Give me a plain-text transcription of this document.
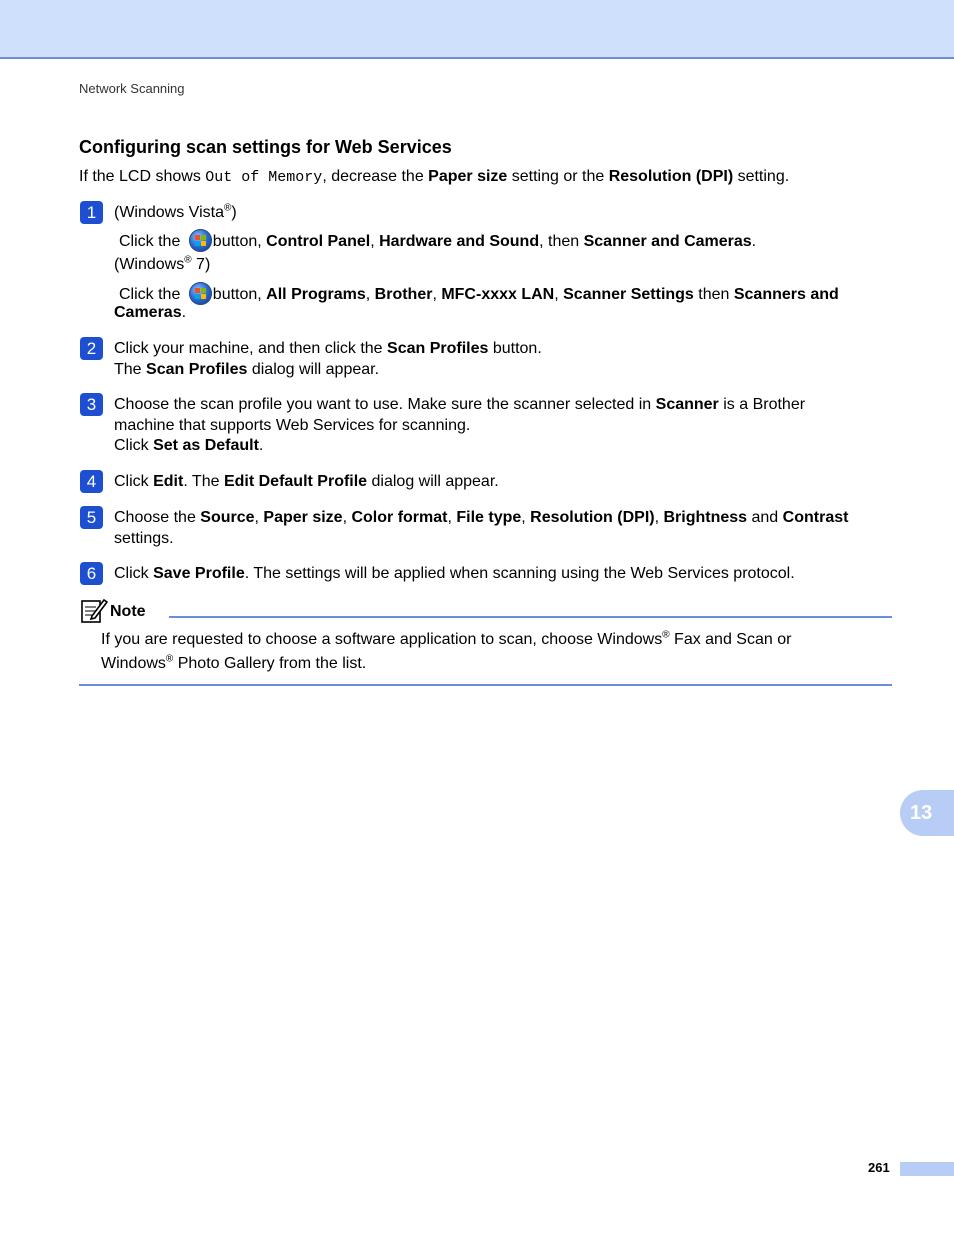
Network Scanning
Configuring scan settings for Web Services
If the LCD shows Out of Memory, decrease the Paper size setting or the Resolution (DPI) setting.
1	(Windows Vista®)
Click the
button, Control Panel, Hardware and Sound, then Scanner and Cameras.
(Windows® 7)
Click the
button, All Programs, Brother, MFC-xxxx LAN, Scanner Settings then Scanners and
Cameras.
2	Click your machine, and then click the Scan Profiles button.
The Scan Profiles dialog will appear.
3	Choose the scan profile you want to use. Make sure the scanner selected in Scanner is a Brother
machine that supports Web Services for scanning.
Click Set as Default.
4	Click Edit. The Edit Default Profile dialog will appear.
5	Choose the Source, Paper size, Color format, File type, Resolution (DPI), Brightness and Contrast
settings.
6	Click Save Profile. The settings will be applied when scanning using the Web Services protocol.
Note
If you are requested to choose a software application to scan, choose Windows® Fax and Scan or
Windows® Photo Gallery from the list.
13
261
